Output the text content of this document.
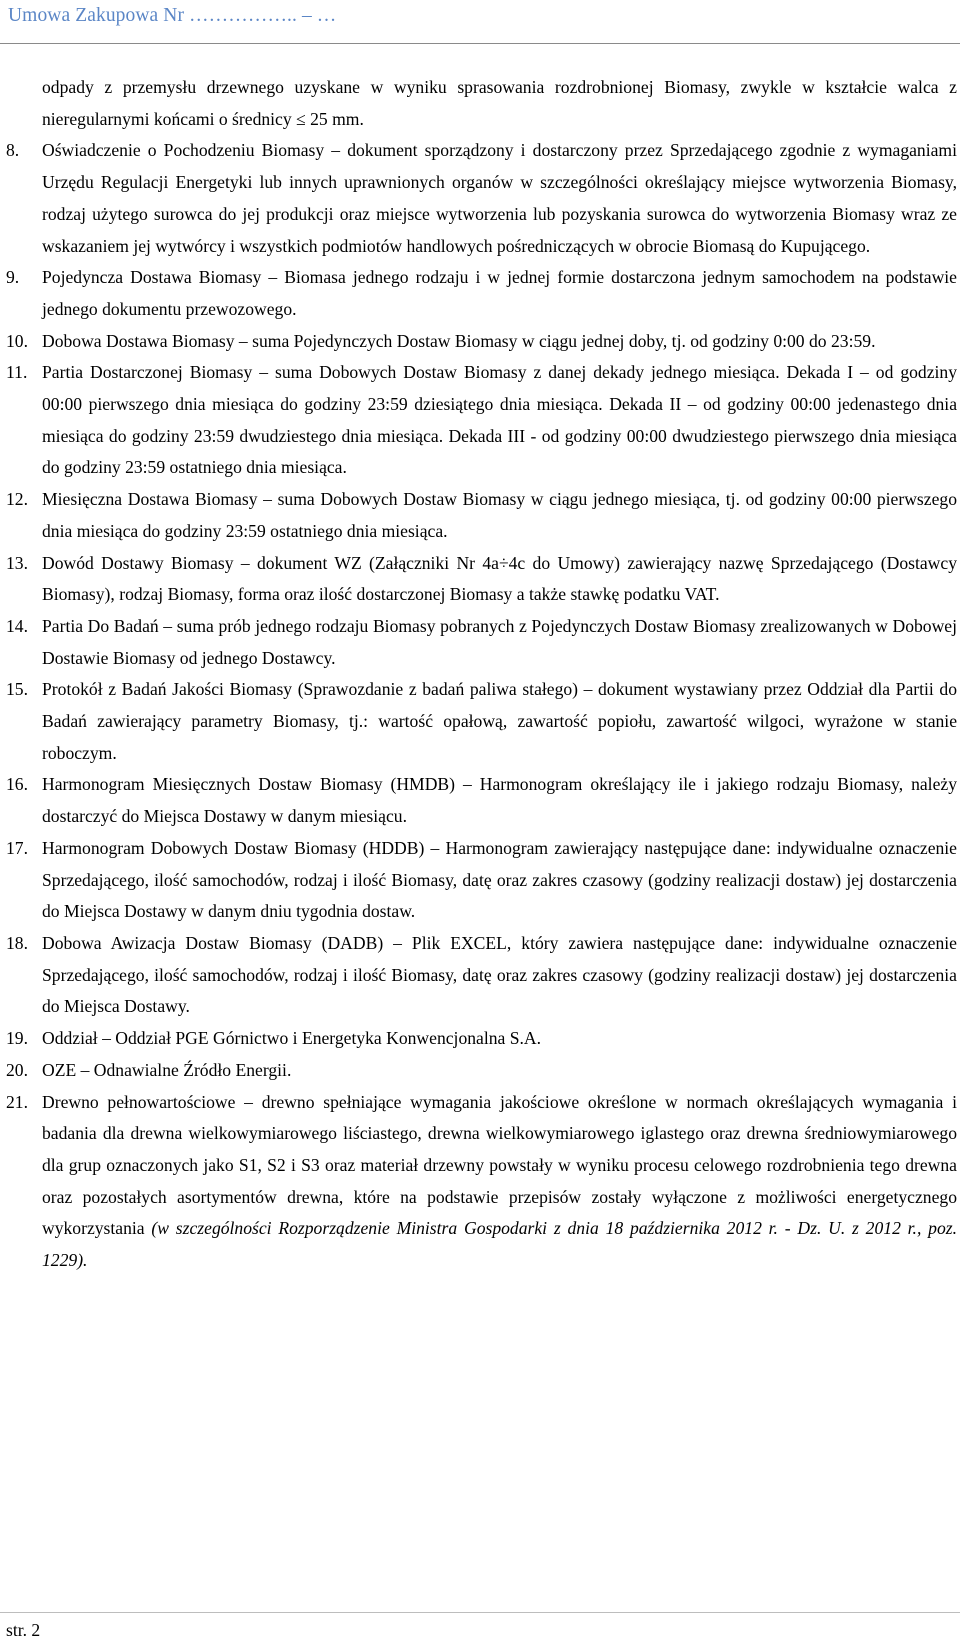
Umowa Zakupowa Nr …………….. – …
odpady z przemysłu drzewnego uzyskane w wyniku sprasowania rozdrobnionej Biomasy, zwykle w kształcie walca z nieregularnymi końcami o średnicy ≤ 25 mm.
8.	Oświadczenie o Pochodzeniu Biomasy – dokument sporządzony i dostarczony przez Sprzedającego zgodnie z wymaganiami Urzędu Regulacji Energetyki lub innych uprawnionych organów w szczególności określający miejsce wytworzenia Biomasy, rodzaj użytego surowca do jej produkcji oraz miejsce wytworzenia lub pozyskania surowca do wytworzenia Biomasy wraz ze wskazaniem jej wytwórcy i wszystkich podmiotów handlowych pośredniczących w obrocie Biomasą do Kupującego.
9.	Pojedyncza Dostawa Biomasy – Biomasa jednego rodzaju i w jednej formie dostarczona jednym samochodem na podstawie jednego dokumentu przewozowego.
10. Dobowa Dostawa Biomasy – suma Pojedynczych Dostaw Biomasy w ciągu jednej doby, tj. od godziny 0:00 do 23:59.
11. Partia Dostarczonej Biomasy – suma Dobowych Dostaw Biomasy z danej dekady jednego miesiąca. Dekada I – od godziny 00:00 pierwszego dnia miesiąca do godziny 23:59 dziesiątego dnia miesiąca. Dekada II – od godziny 00:00 jedenastego dnia miesiąca do godziny 23:59 dwudziestego dnia miesiąca. Dekada III - od godziny 00:00 dwudziestego pierwszego dnia miesiąca do godziny 23:59 ostatniego dnia miesiąca.
12. Miesięczna Dostawa Biomasy – suma Dobowych Dostaw Biomasy w ciągu jednego miesiąca, tj. od godziny 00:00 pierwszego dnia miesiąca do godziny 23:59 ostatniego dnia miesiąca.
13. Dowód Dostawy Biomasy – dokument WZ (Załączniki Nr 4a÷4c do Umowy) zawierający nazwę Sprzedającego (Dostawcy Biomasy), rodzaj Biomasy, forma oraz ilość dostarczonej Biomasy a także stawkę podatku VAT.
14. Partia Do Badań – suma prób jednego rodzaju Biomasy pobranych z Pojedynczych Dostaw Biomasy zrealizowanych w Dobowej Dostawie Biomasy od jednego Dostawcy.
15. Protokół z Badań Jakości Biomasy (Sprawozdanie z badań paliwa stałego) – dokument wystawiany przez Oddział dla Partii do Badań zawierający parametry Biomasy, tj.: wartość opałową, zawartość popiołu, zawartość wilgoci, wyrażone w stanie roboczym.
16. Harmonogram Miesięcznych Dostaw Biomasy (HMDB) – Harmonogram określający ile i jakiego rodzaju Biomasy, należy dostarczyć do Miejsca Dostawy w danym miesiącu.
17. Harmonogram Dobowych Dostaw Biomasy (HDDB) – Harmonogram zawierający następujące dane: indywidualne oznaczenie Sprzedającego, ilość samochodów, rodzaj i ilość Biomasy, datę oraz zakres czasowy (godziny realizacji dostaw) jej dostarczenia do Miejsca Dostawy w danym dniu tygodnia dostaw.
18. Dobowa Awizacja Dostaw Biomasy (DADB) – Plik EXCEL, który zawiera następujące dane: indywidualne oznaczenie Sprzedającego, ilość samochodów, rodzaj i ilość Biomasy, datę oraz zakres czasowy (godziny realizacji dostaw) jej dostarczenia do Miejsca Dostawy.
19. Oddział – Oddział PGE Górnictwo i Energetyka Konwencjonalna S.A.
20. OZE – Odnawialne Źródło Energii.
21. Drewno pełnowartościowe – drewno spełniające wymagania jakościowe określone w normach określających wymagania i badania dla drewna wielkowymiarowego liściastego, drewna wielkowymiarowego iglastego oraz drewna średniowymiarowego dla grup oznaczonych jako S1, S2 i S3 oraz materiał drzewny powstały w wyniku procesu celowego rozdrobnienia tego drewna oraz pozostałych asortymentów drewna, które na podstawie przepisów zostały wyłączone z możliwości energetycznego wykorzystania (w szczególności Rozporządzenie Ministra Gospodarki z dnia 18 października 2012 r. - Dz. U. z 2012 r., poz. 1229).
str. 2
